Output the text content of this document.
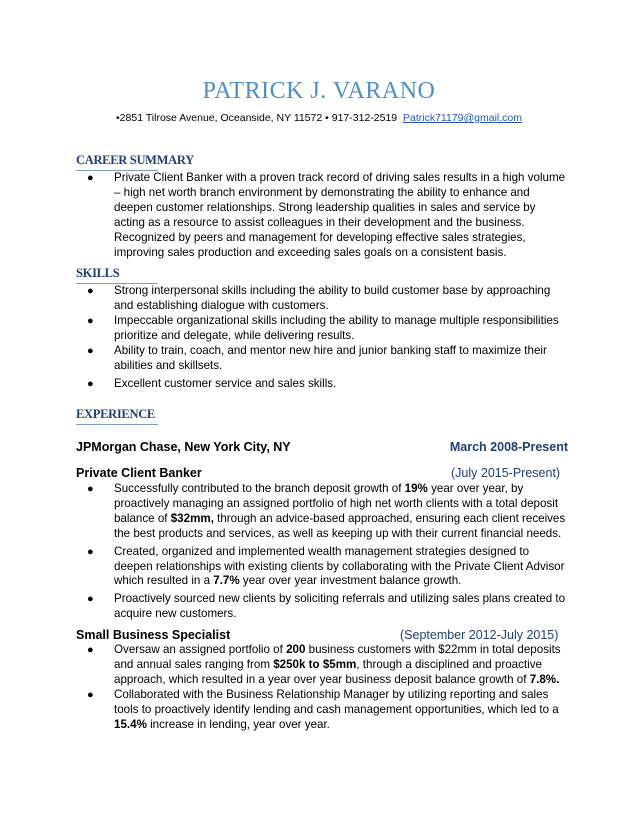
PATRICK J. VARANO
•2851 Tilrose Avenue, Oceanside, NY 11572 • 917-312-2519 Patrick71179@gmail.com
CAREER SUMMARY
● Private Client Banker with a proven track record of driving sales results in a high volume – high net worth branch environment by demonstrating the ability to enhance and deepen customer relationships. Strong leadership qualities in sales and service by acting as a resource to assist colleagues in their development and the business. Recognized by peers and management for developing effective sales strategies, improving sales production and exceeding sales goals on a consistent basis.
SKILLS
● Strong interpersonal skills including the ability to build customer base by approaching and establishing dialogue with customers.
● Impeccable organizational skills including the ability to manage multiple responsibilities prioritize and delegate, while delivering results.
● Ability to train, coach, and mentor new hire and junior banking staff to maximize their abilities and skillsets.
● Excellent customer service and sales skills.
EXPERIENCE
JPMorgan Chase, New York City, NY	March 2008-Present
Private Client Banker	(July 2015-Present)
● Successfully contributed to the branch deposit growth of 19% year over year, by proactively managing an assigned portfolio of high net worth clients with a total deposit balance of $32mm, through an advice-based approached, ensuring each client receives the best products and services, as well as keeping up with their current financial needs.
● Created, organized and implemented wealth management strategies designed to deepen relationships with existing clients by collaborating with the Private Client Advisor which resulted in a 7.7% year over year investment balance growth.
● Proactively sourced new clients by soliciting referrals and utilizing sales plans created to acquire new customers.
Small Business Specialist	(September 2012-July 2015)
● Oversaw an assigned portfolio of 200 business customers with $22mm in total deposits and annual sales ranging from $250k to $5mm, through a disciplined and proactive approach, which resulted in a year over year business deposit balance growth of 7.8%.
● Collaborated with the Business Relationship Manager by utilizing reporting and sales tools to proactively identify lending and cash management opportunities, which led to a 15.4% increase in lending, year over year.
